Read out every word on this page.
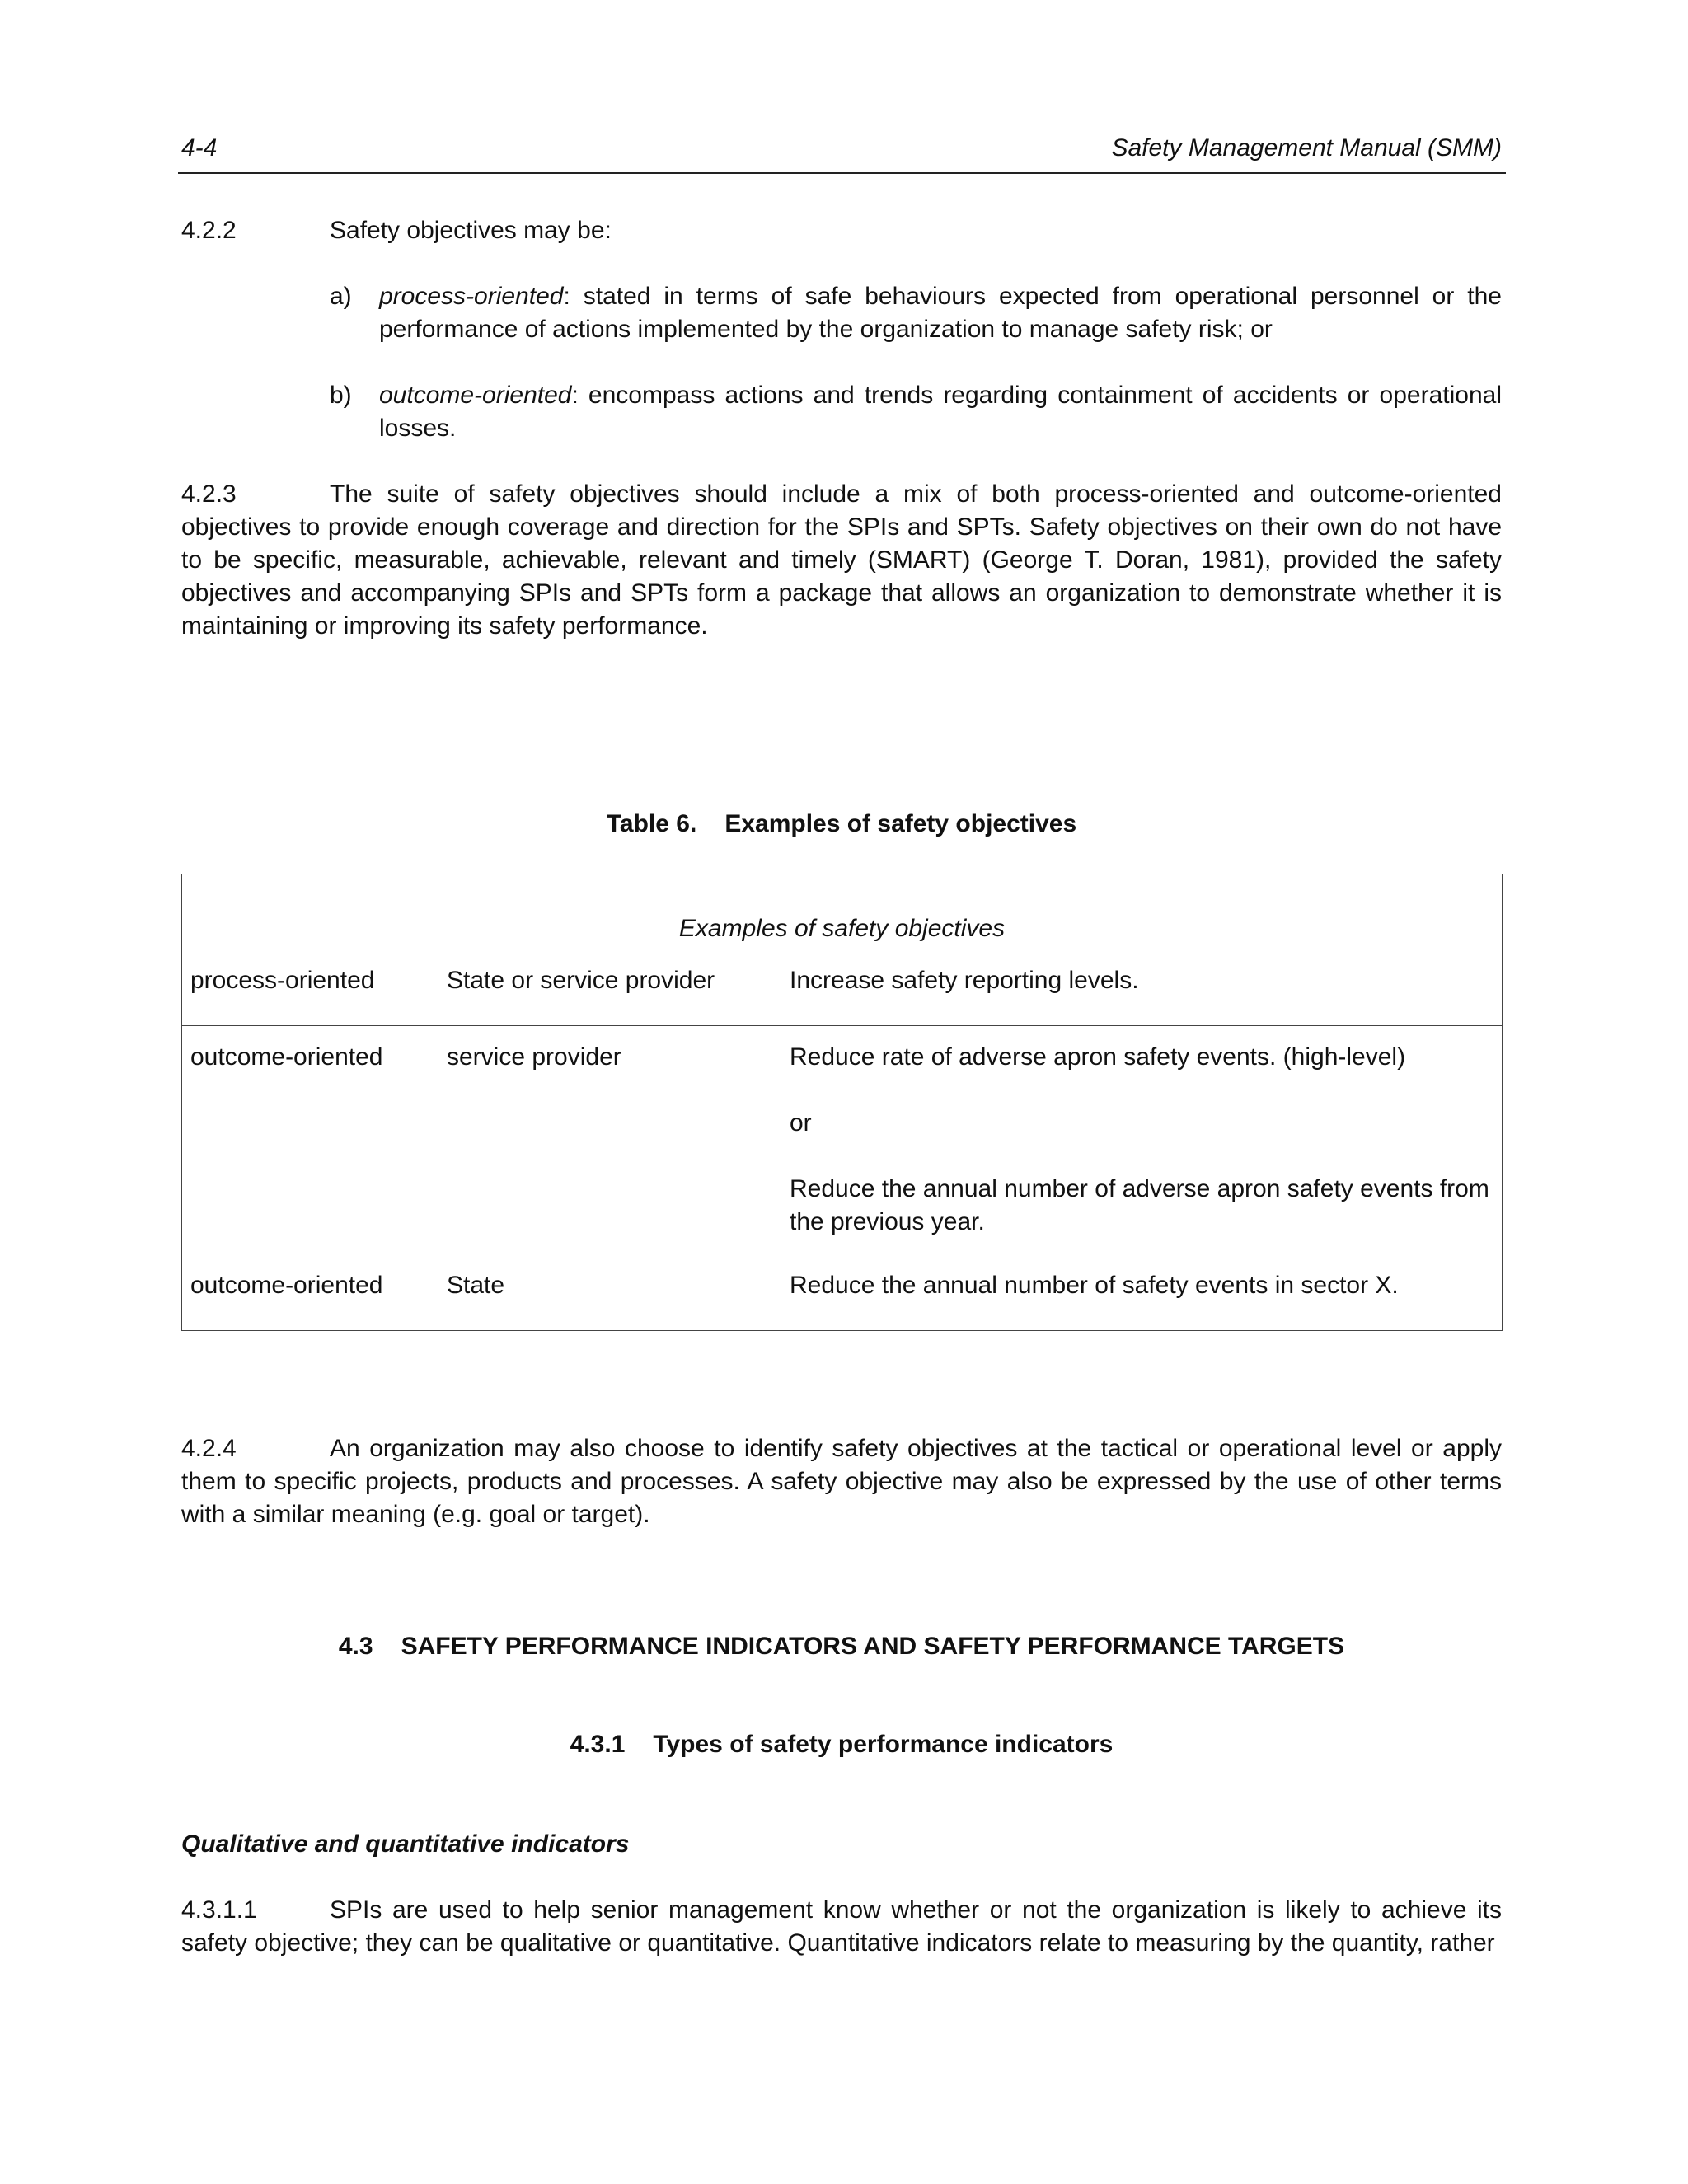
4-4	Safety Management Manual (SMM)
4.2.2	Safety objectives may be:
a)	process-oriented: stated in terms of safe behaviours expected from operational personnel or the performance of actions implemented by the organization to manage safety risk; or
b)	outcome-oriented: encompass actions and trends regarding containment of accidents or operational losses.
4.2.3	The suite of safety objectives should include a mix of both process-oriented and outcome-oriented objectives to provide enough coverage and direction for the SPIs and SPTs. Safety objectives on their own do not have to be specific, measurable, achievable, relevant and timely (SMART) (George T. Doran, 1981), provided the safety objectives and accompanying SPIs and SPTs form a package that allows an organization to demonstrate whether it is maintaining or improving its safety performance.
Table 6. Examples of safety objectives
Examples of safety objectives		
process-oriented	State or service provider	Increase safety reporting levels.

outcome-oriented	service provider	Reduce rate of adverse apron safety events. (high-level)
or
Reduce the annual number of adverse apron safety events from the previous year.

outcome-oriented	State	Reduce the annual number of safety events in sector X.
4.2.4	An organization may also choose to identify safety objectives at the tactical or operational level or apply them to specific projects, products and processes. A safety objective may also be expressed by the use of other terms with a similar meaning (e.g. goal or target).
4.3 SAFETY PERFORMANCE INDICATORS AND SAFETY PERFORMANCE TARGETS
4.3.1 Types of safety performance indicators
Qualitative and quantitative indicators
4.3.1.1	SPIs are used to help senior management know whether or not the organization is likely to achieve its safety objective; they can be qualitative or quantitative. Quantitative indicators relate to measuring by the quantity, rather
